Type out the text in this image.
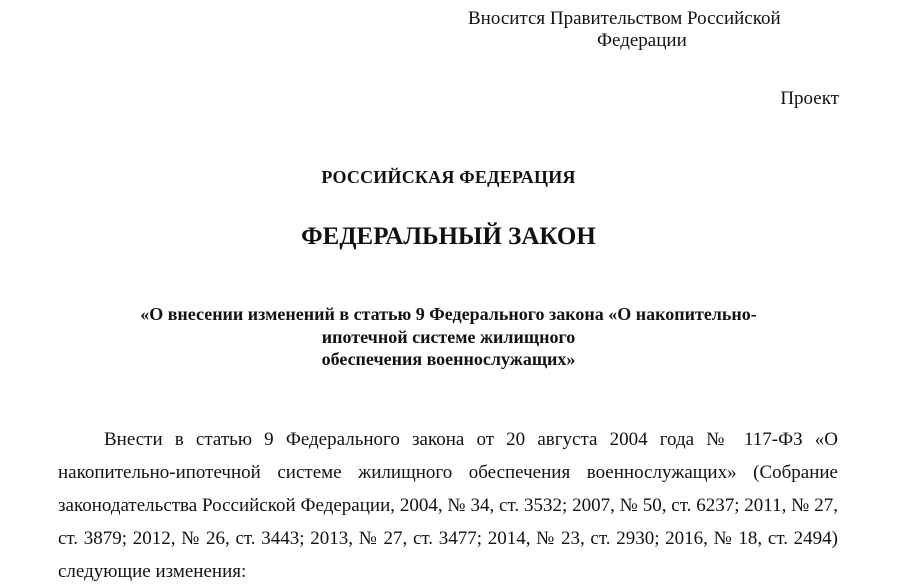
Вносится Правительством Российской
Федерации
Проект
РОССИЙСКАЯ ФЕДЕРАЦИЯ
ФЕДЕРАЛЬНЫЙ ЗАКОН
«О внесении изменений в статью 9 Федерального закона «О накопительно-
ипотечной системе жилищного
обеспечения военнослужащих»

Внести в статью 9 Федерального закона от 20 августа 2004 года № 117-ФЗ «О накопительно-ипотечной системе жилищного обеспечения военнослужащих» (Собрание законодательства Российской Федерации, 2004, № 34, ст. 3532; 2007, № 50, ст. 6237; 2011, № 27, ст. 3879; 2012, № 26, ст. 3443; 2013, № 27, ст. 3477; 2014, № 23, ст. 2930; 2016, № 18, ст. 2494) следующие изменения:
